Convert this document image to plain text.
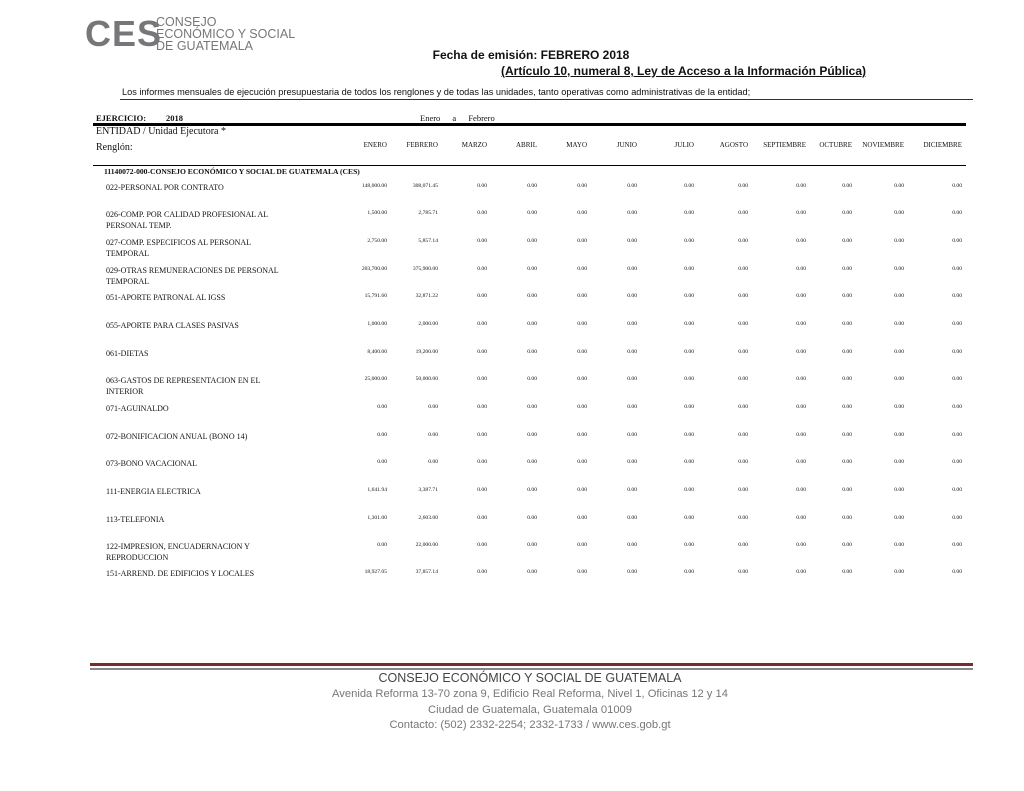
CES
CONSEJO
ECONÓMICO Y SOCIAL
DE GUATEMALA
Fecha de emisión: FEBRERO 2018
(Artículo 10, numeral 8, Ley de Acceso a la Información Pública)
Los informes mensuales de ejecución presupuestaria de todos los renglones y de todas las unidades, tanto operativas como administrativas de la entidad;
EJERCICIO: 2018	Enero a Febrero
ENTIDAD / Unidad Ejecutora *
Renglón:	ENERO	FEBRERO	MARZO	ABRIL	MAYO	JUNIO	JULIO	AGOSTO	SEPTIEMBRE	OCTUBRE	NOVIEMBRE	DICIEMBRE
11140072-000-CONSEJO ECONÓMICO Y SOCIAL DE GUATEMALA (CES)
022-PERSONAL POR CONTRATO	148,000.00	308,071.45	0.00	0.00	0.00	0.00	0.00	0.00	0.00	0.00	0.00	0.00
026-COMP. POR CALIDAD PROFESIONAL AL
PERSONAL TEMP.
1,500.00	2,785.71	0.00	0.00	0.00	0.00	0.00	0.00	0.00	0.00	0.00	0.00
027-COMP. ESPECIFICOS AL PERSONAL
TEMPORAL
2,750.00	5,857.14	0.00	0.00	0.00	0.00	0.00	0.00	0.00	0.00	0.00	0.00
029-OTRAS REMUNERACIONES DE PERSONAL
TEMPORAL
203,700.00	375,900.00	0.00	0.00	0.00	0.00	0.00	0.00	0.00	0.00	0.00	0.00
051-APORTE PATRONAL AL IGSS	15,791.60	32,871.22	0.00	0.00	0.00	0.00	0.00	0.00	0.00	0.00	0.00	0.00
055-APORTE PARA CLASES PASIVAS	1,000.00	2,000.00	0.00	0.00	0.00	0.00	0.00	0.00	0.00	0.00	0.00	0.00
061-DIETAS	8,400.00	19,200.00	0.00	0.00	0.00	0.00	0.00	0.00	0.00	0.00	0.00	0.00
063-GASTOS DE REPRESENTACION EN EL
INTERIOR
25,000.00	50,000.00	0.00	0.00	0.00	0.00	0.00	0.00	0.00	0.00	0.00	0.00
071-AGUINALDO	0.00	0.00	0.00	0.00	0.00	0.00	0.00	0.00	0.00	0.00	0.00	0.00
072-BONIFICACION ANUAL (BONO 14)	0.00	0.00	0.00	0.00	0.00	0.00	0.00	0.00	0.00	0.00	0.00	0.00
073-BONO VACACIONAL	0.00	0.00	0.00	0.00	0.00	0.00	0.00	0.00	0.00	0.00	0.00	0.00
111-ENERGIA ELECTRICA	1,641.94	3,387.71	0.00	0.00	0.00	0.00	0.00	0.00	0.00	0.00	0.00	0.00
113-TELEFONIA	1,301.00	2,603.00	0.00	0.00	0.00	0.00	0.00	0.00	0.00	0.00	0.00	0.00
122-IMPRESION, ENCUADERNACION Y
REPRODUCCION
0.00	22,000.00	0.00	0.00	0.00	0.00	0.00	0.00	0.00	0.00	0.00	0.00
151-ARREND. DE EDIFICIOS Y LOCALES	18,927.05	37,857.14	0.00	0.00	0.00	0.00	0.00	0.00	0.00	0.00	0.00	0.00
CONSEJO ECONÓMICO Y SOCIAL DE GUATEMALA
Avenida Reforma 13-70 zona 9, Edificio Real Reforma, Nivel 1, Oficinas 12 y 14
Ciudad de Guatemala, Guatemala 01009
Contacto: (502) 2332-2254; 2332-1733 / www.ces.gob.gt
